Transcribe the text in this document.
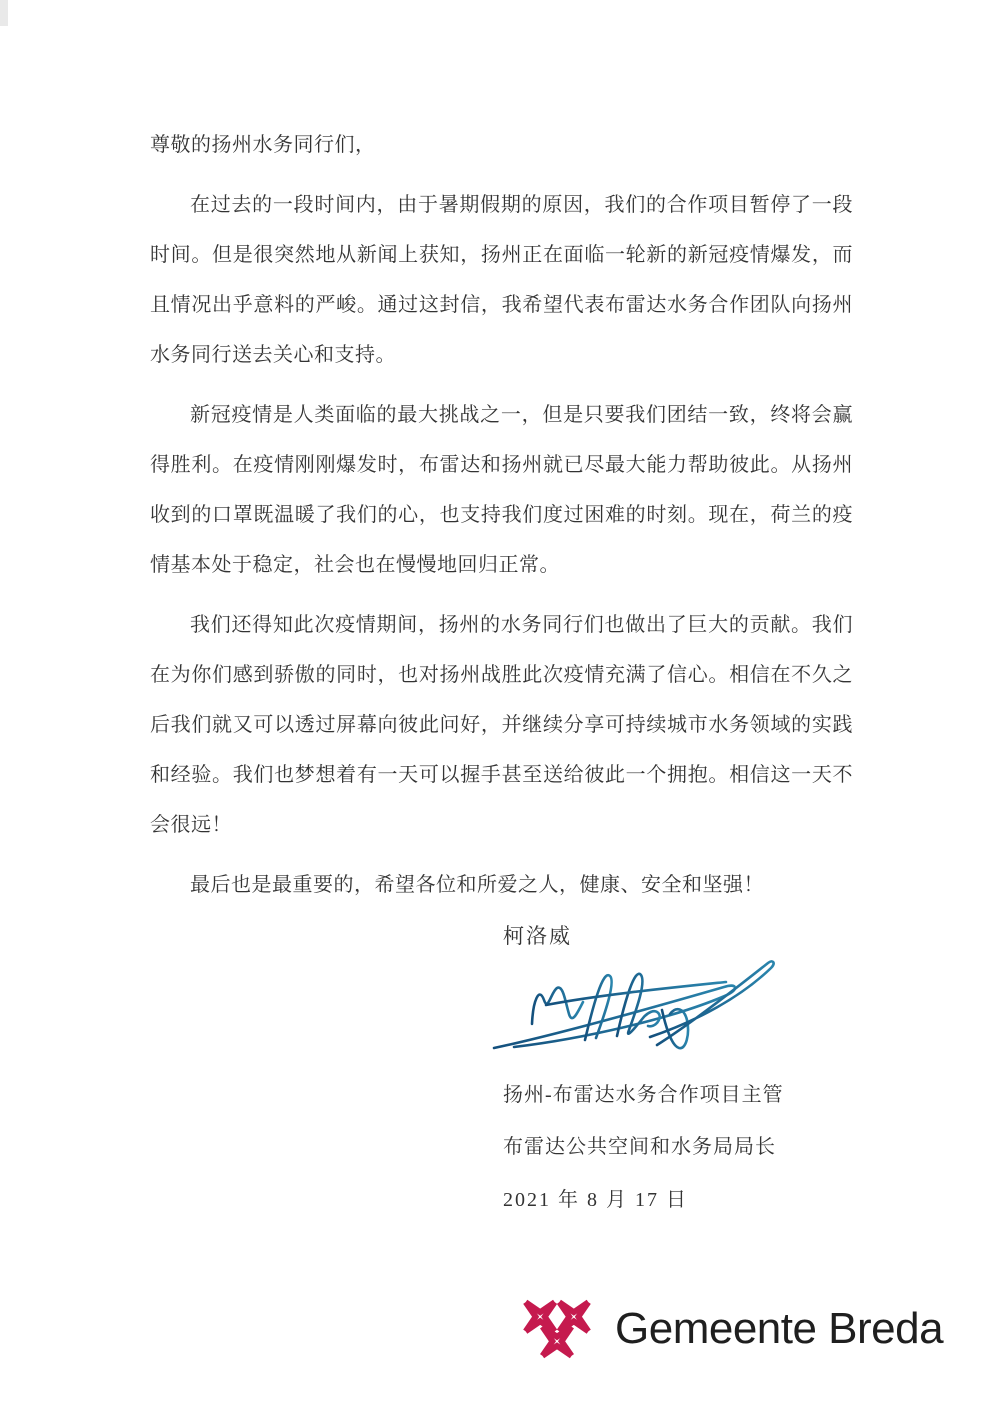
尊敬的扬州水务同行们，

在过去的一段时间内，由于暑期假期的原因，我们的合作项目暂停了一段时间。但是很突然地从新闻上获知，扬州正在面临一轮新的新冠疫情爆发，而且情况出乎意料的严峻。通过这封信，我希望代表布雷达水务合作团队向扬州水务同行送去关心和支持。

新冠疫情是人类面临的最大挑战之一，但是只要我们团结一致，终将会赢得胜利。在疫情刚刚爆发时，布雷达和扬州就已尽最大能力帮助彼此。从扬州收到的口罩既温暖了我们的心，也支持我们度过困难的时刻。现在，荷兰的疫情基本处于稳定，社会也在慢慢地回归正常。

我们还得知此次疫情期间，扬州的水务同行们也做出了巨大的贡献。我们在为你们感到骄傲的同时，也对扬州战胜此次疫情充满了信心。相信在不久之后我们就又可以透过屏幕向彼此问好，并继续分享可持续城市水务领域的实践和经验。我们也梦想着有一天可以握手甚至送给彼此一个拥抱。相信这一天不会很远！

最后也是最重要的，希望各位和所爱之人，健康、安全和坚强！

柯洛威
扬州-布雷达水务合作项目主管
布雷达公共空间和水务局局长
2021 年 8 月 17 日
Gemeente Breda
